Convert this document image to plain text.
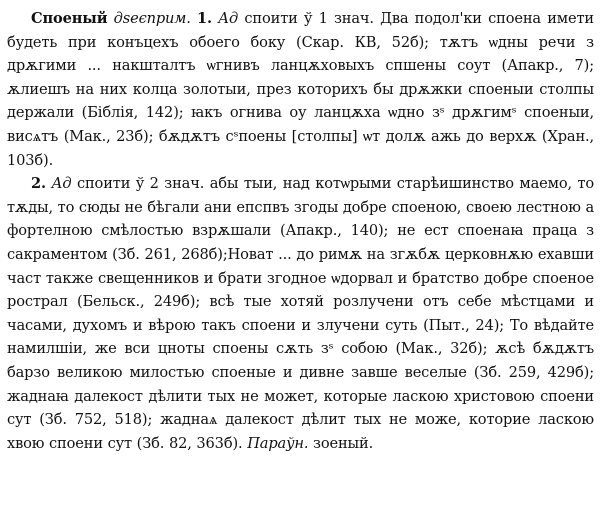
Споеный дѕеєприм. 1. Ад споити ў 1 знач. Два подол'ки споена имети будеть при конъцехъ обоего боку (Скар. КВ, 52б); тѫтъ ѡдны речи з дрѫгими ... накшталтъ ѡгнивъ ланцѫховыхъ спшены соут (Апакр., 7); ѫлиешъ на них колца золотыи, през которихъ бы дрѫжки споеныи столпы держали (Біблія, 142); ꙗкъ огнива оу ланцѫха ѡдно зˢ дрѫгимˢ споеныи, висѧтъ (Мак., 23б); бѫдѫтъ сˢпоены [столпы] ѡт долѫ ажь до верхѫ (Хран., 103б).

2. Ад споити ў 2 знач. абы тыи, над котѡрыми старѣишинство маемо, то тѫды, то сюды не бѣгали ани епспвъ згоды добре споеною, своею лестною а фортелною смѣлостью взрѫшали (Апакр., 140); не ест споенаꙗ праца з сакраментом (Зб. 261, 268б);Новат ... до римѫ на згѫбѫ церковнѫю ехавши част также свещенников и брати згодное ѡдорвал и братство добре споеное рострал (Бельск., 249б); всѣ тые хотяй розлучени отъ себе мѣстцами и часами, духомъ и вѣрою такъ споени и злучени суть (Пыт., 24); То вѣдайте намилшіи, же вси цноты споены сѫть зˢ собою (Мак., 32б); ѫсѣ бѫдѫтъ барзо великою милостью споеные и дивне завше веселые (Зб. 259, 429б); жаднаꙗ далекост дѣлити тых не может, которые ласкою христовою споени сут (Зб. 752, 518); жаднаѧ далекост дѣлит тых не може, которие ласкою хвою споени сут (Зб. 82, 363б). Параўн. зоеный.
